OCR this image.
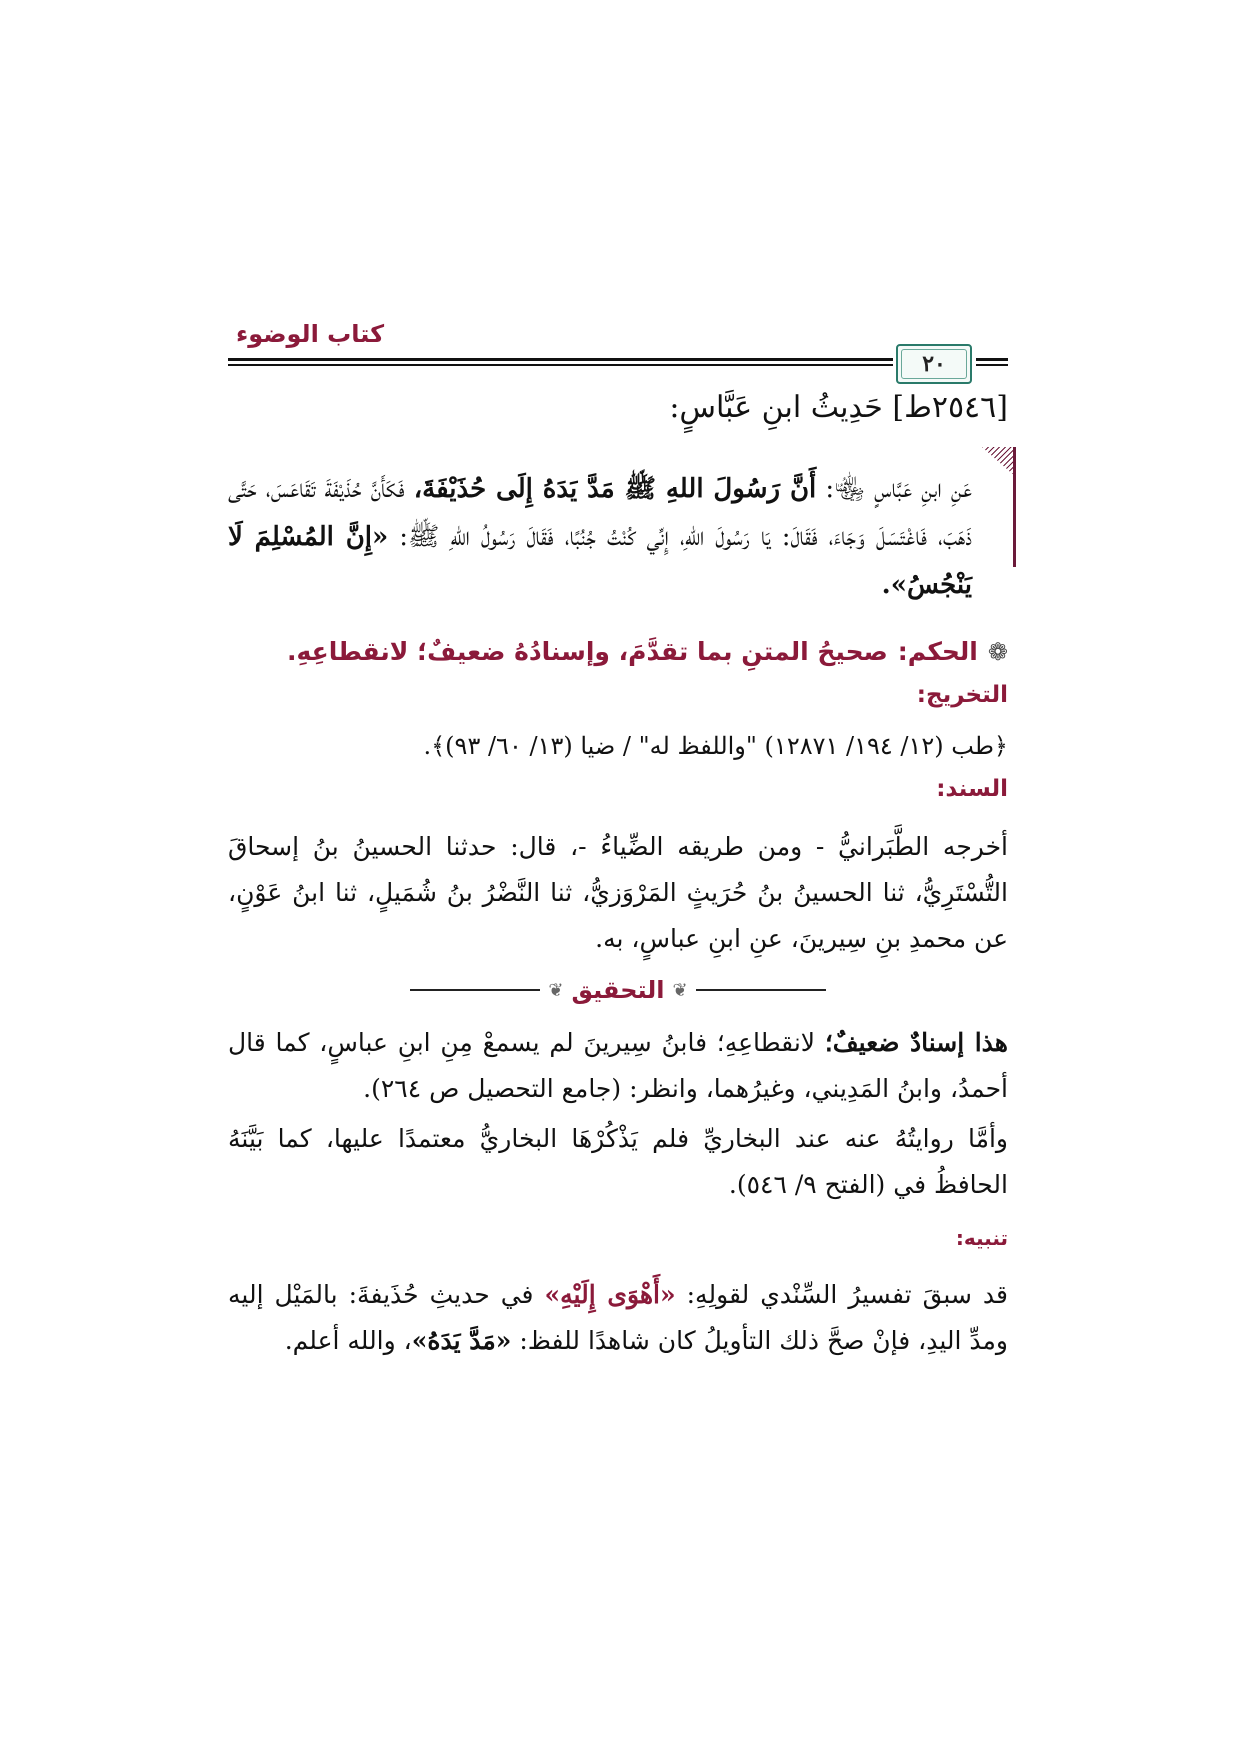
كتاب الوضوء
٢٠
[٢٥٤٦ط] حَدِيثُ ابنِ عَبَّاسٍ:
عَنِ ابنِ عَبَّاسٍ ﵄: أَنَّ رَسُولَ اللهِ ﷺ مَدَّ يَدَهُ إِلَى حُذَيْفَةَ، فَكَأَنَّ حُذَيْفَةَ تَقَاعَسَ، حَتَّى ذَهَبَ، فَاغْتَسَلَ وَجَاءَ، فَقَالَ: يَا رَسُولَ اللهِ، إِنِّي كُنْتُ جُنُبًا، فَقَالَ رَسُولُ اللهِ ﷺ: «إِنَّ المُسْلِمَ لَا يَنْجُسُ».
❁
الحكم:
صحيحُ المتنِ بما تقدَّمَ، وإسنادُهُ ضعيفٌ؛ لانقطاعِهِ.
التخريج:
﴿طب (١٢/ ١٩٤/ ١٢٨٧١) "واللفظ له" / ضيا (١٣/ ٦٠/ ٩٣)﴾.
السند:
أخرجه الطَّبَرانيُّ - ومن طريقه الضِّياءُ -، قال: حدثنا الحسينُ بنُ إسحاقَ التُّسْتَرِيُّ، ثنا الحسينُ بنُ حُرَيثٍ المَرْوَزيُّ، ثنا النَّضْرُ بنُ شُمَيلٍ، ثنا ابنُ عَوْنٍ، عن محمدِ بنِ سِيرينَ، عنِ ابنِ عباسٍ، به.
❦
التحقيق
❦
هذا إسنادٌ ضعيفٌ؛ لانقطاعِهِ؛ فابنُ سِيرينَ لم يسمعْ مِنِ ابنِ عباسٍ، كما قال أحمدُ، وابنُ المَدِيني، وغيرُهما، وانظر: (جامع التحصيل ص ٢٦٤).
وأمَّا روايتُهُ عنه عند البخاريِّ فلم يَذْكُرْهَا البخاريُّ معتمدًا عليها، كما بَيَّنَهُ الحافظُ في (الفتح ٩/ ٥٤٦).
تنبيه:
قد سبقَ تفسيرُ السِّنْدي لقولِهِ: «أَهْوَى إِلَيْهِ» في حديثِ حُذَيفةَ: بالمَيْل إليه ومدِّ اليدِ، فإنْ صحَّ ذلك التأويلُ كان شاهدًا للفظ: «مَدَّ يَدَهُ»، والله أعلم.
